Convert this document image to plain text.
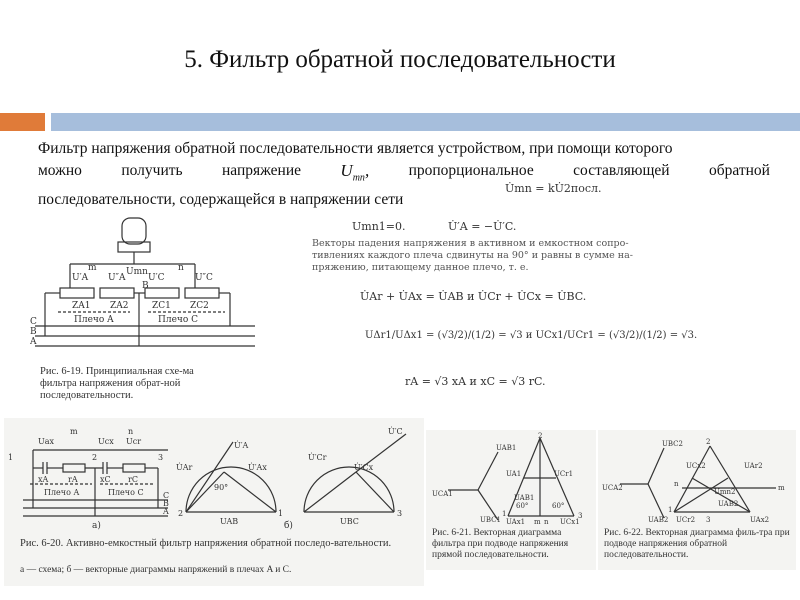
5. Фильтр обратной последовательности
Фильтр напряжения обратной последовательности является устройством, при помощи которого
можно	получить	напряжение $U_{mn}$,	пропорциональное	составляющей	обратной
последовательности, содержащейся в напряжении сети
U̇mn = kU̇2посл.
Umn1=0.	U̇′A = −U̇′C.
Векторы падения напряжения в активном и емкостном сопро-тивлениях каждого плеча сдвинуты на 90° и равны в сумме на-пряжению, питающему данное плечо, т. е.
U̇Ar + U̇Ax = U̇AB и U̇Cr + U̇Cx = U̇BC.
UΔr1/UΔx1 = (√3/2)/(1/2) = √3 и UCx1/UCr1 = (√3/2)/(1/2) = √3.
rA = √3 xA и xC = √3 rC.
m	n
Umn
U′A U″A	U′C	U″C
ZA1 ZA2	ZC1 ZC2
B
Плечо A	Плечо C
C
B
A
Рис. 6-19. Принципиальная схе-ма фильтра напряжения обрат-ной последовательности.
Uax
m
Ucx
n
Ucr
xA rA	xC rC
Плечо A	Плечо C C
B
A
1	2	3
а)	б)
U̇Ar
U̇′A
U̇′Ax
U̇′Cr
U̇′C
U̇′Cx
90°
UAB	UBC
2	1	3
Рис. 6-20. Активно-емкостный фильтр напряжения обратной последо-вательности.
а — схема; б — векторные диаграммы напряжений в плечах A и C.
UAB1
UCA1
UBC1
UA1	UCr1
60°	60°
m n
2
1	3
UAx1	UCx1
UAB1
Рис. 6-21. Векторная диаграмма фильтра при подводе напряжения прямой последовательности.
UBC2
UCA2
UAB2
UCx2	UAr2
Umn2	m
n
2
1
3
UCr2	UAx2
UAB2
Рис. 6-22. Векторная диаграмма филь-тра при подводе напряжения обратной последовательности.
